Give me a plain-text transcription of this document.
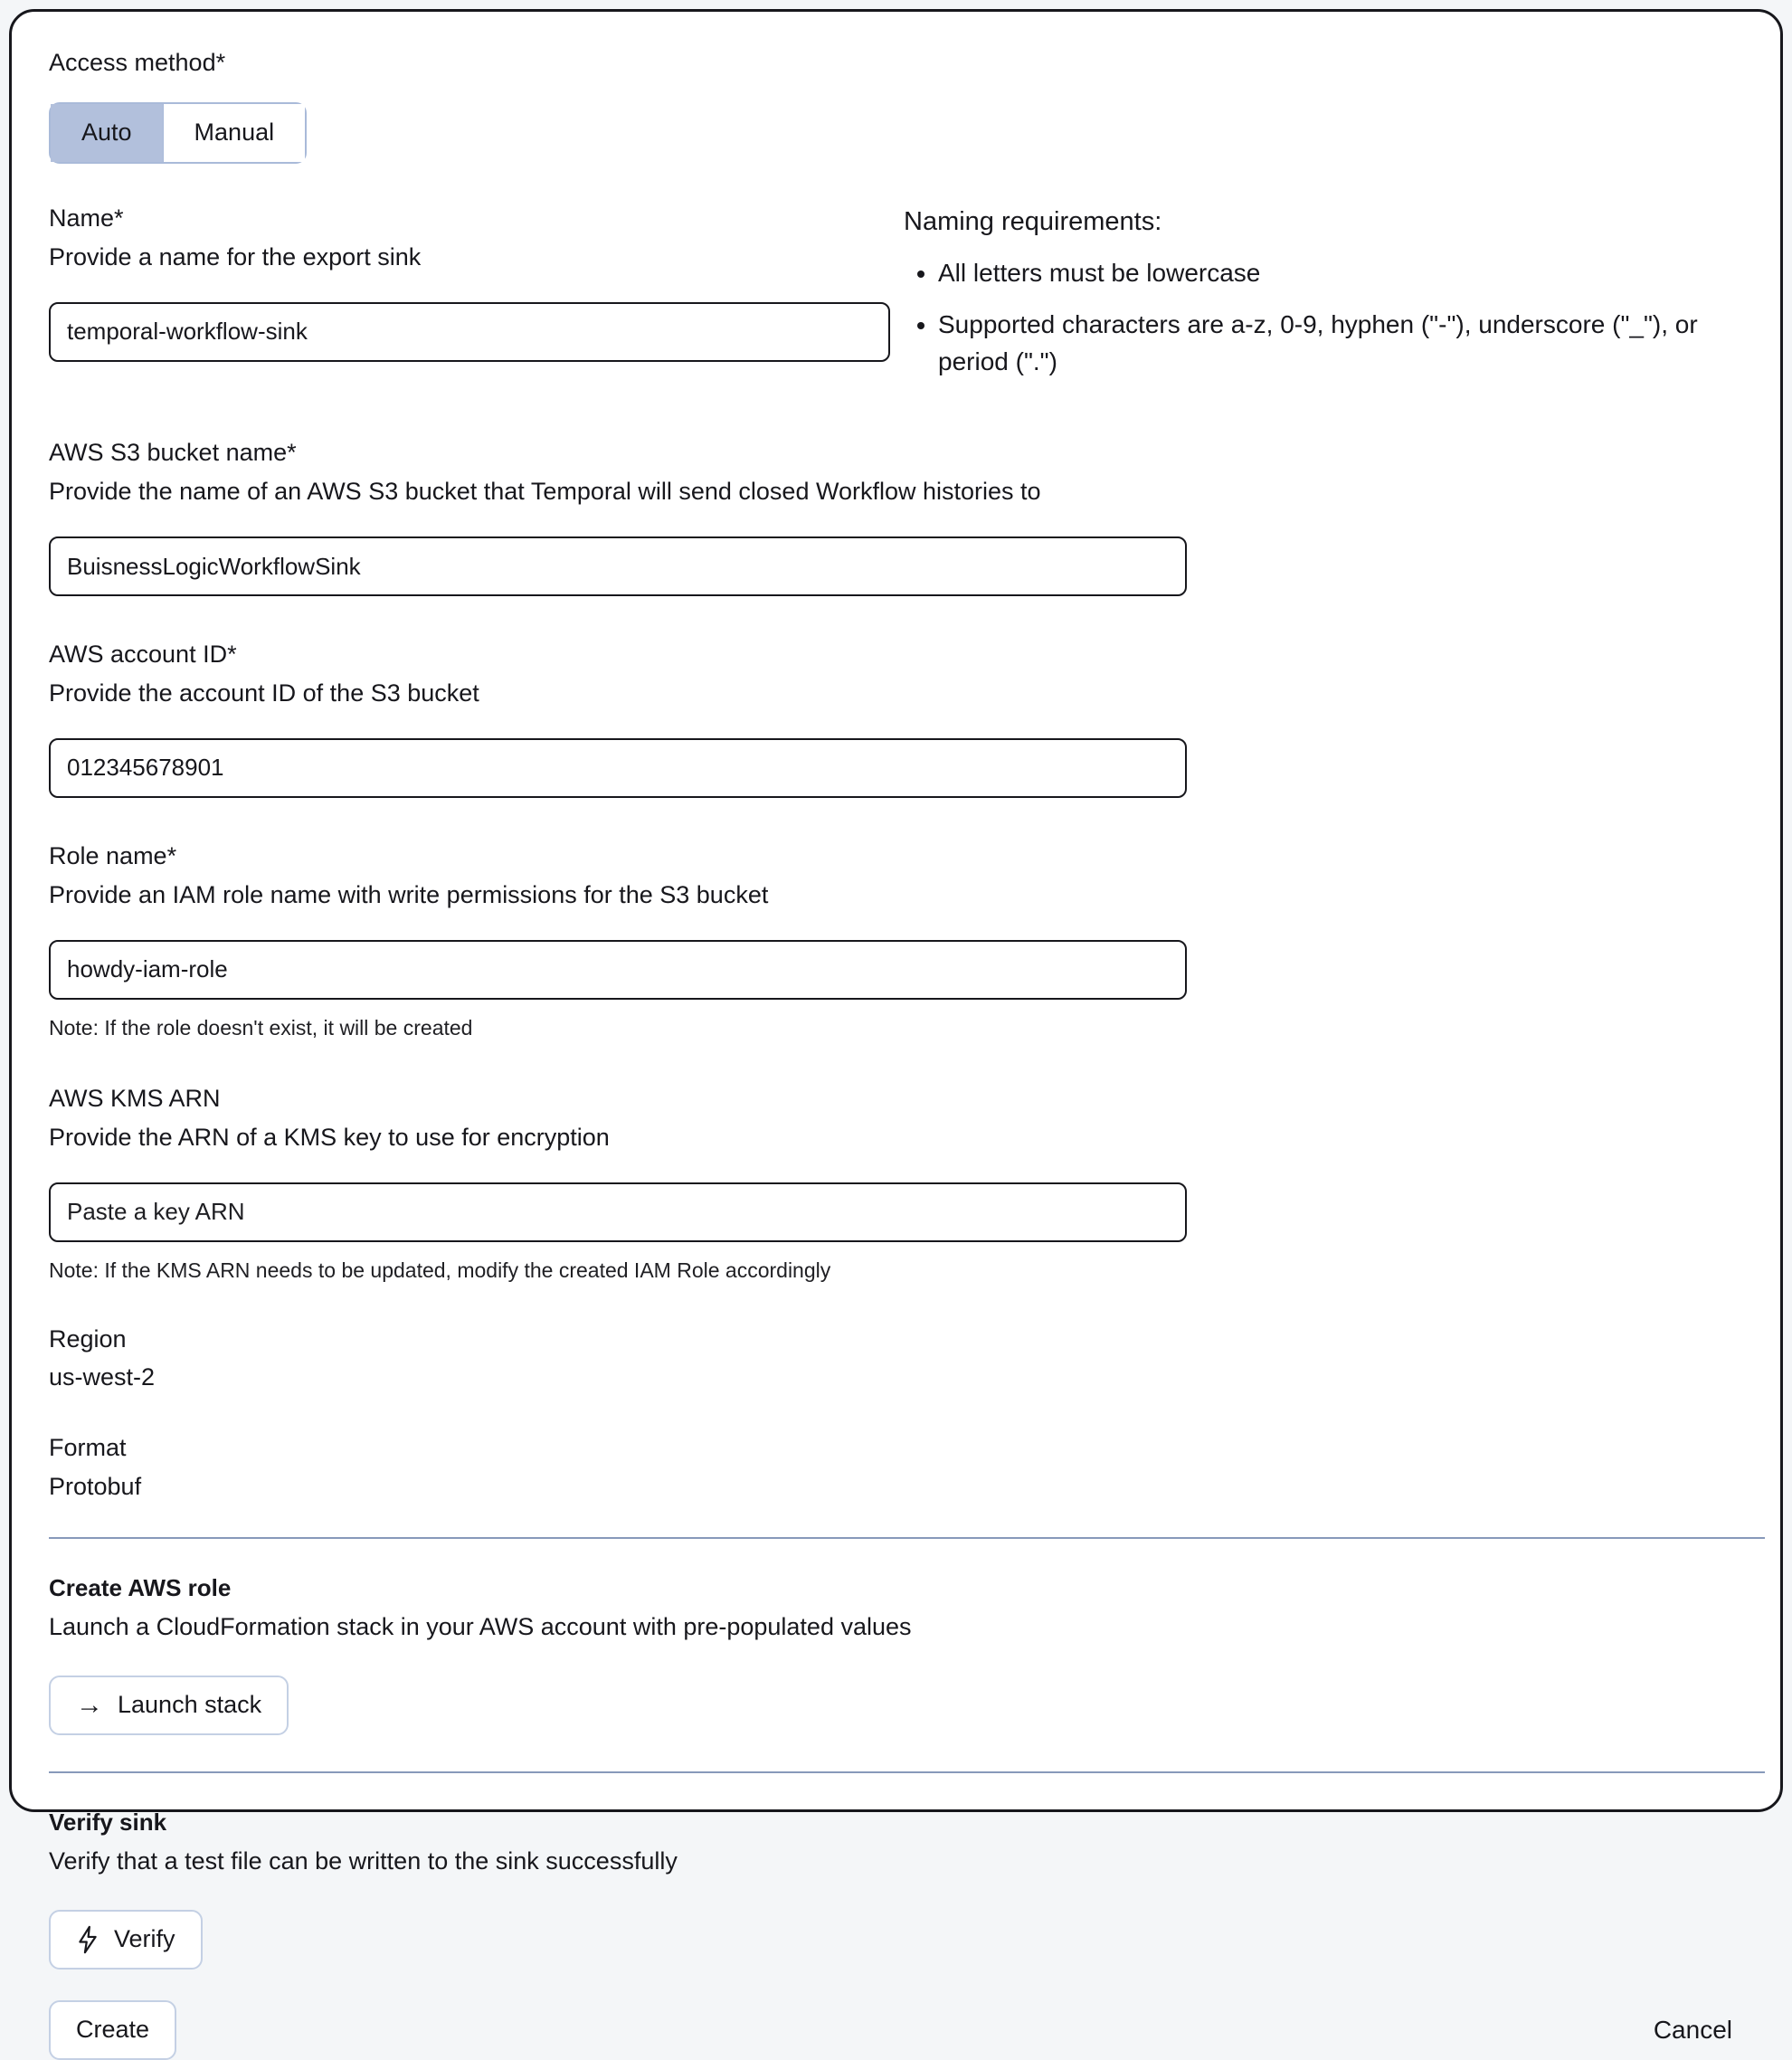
Access method*
Auto	Manual
Name*
Provide a name for the export sink
temporal-workflow-sink
Naming requirements:
• All letters must be lowercase
• Supported characters are a-z, 0-9, hyphen ("-"), underscore ("_"), or period (".")
AWS S3 bucket name*
Provide the name of an AWS S3 bucket that Temporal will send closed Workflow histories to
BuisnessLogicWorkflowSink
AWS account ID*
Provide the account ID of the S3 bucket
012345678901
Role name*
Provide an IAM role name with write permissions for the S3 bucket
howdy-iam-role
Note: If the role doesn't exist, it will be created
AWS KMS ARN
Provide the ARN of a KMS key to use for encryption
Paste a key ARN
Note: If the KMS ARN needs to be updated, modify the created IAM Role accordingly
Region
us-west-2
Format
Protobuf
Create AWS role
Launch a CloudFormation stack in your AWS account with pre-populated values
→ Launch stack
Verify sink
Verify that a test file can be written to the sink successfully
Verify
Create	Cancel
